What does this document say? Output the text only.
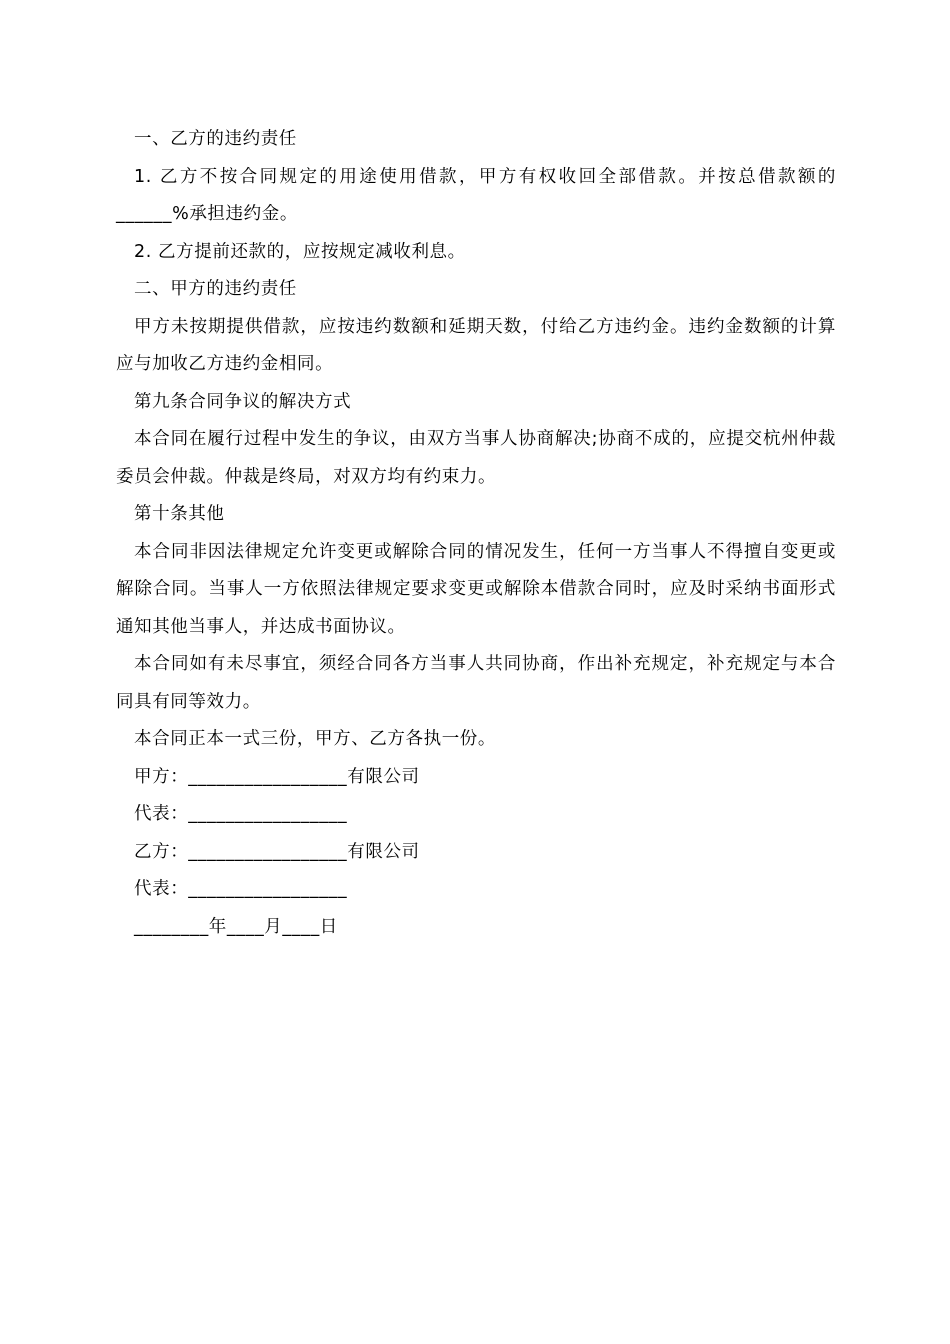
一、乙方的违约责任

1. 乙方不按合同规定的用途使用借款，甲方有权收回全部借款。并按总借款额的______%承担违约金。

2. 乙方提前还款的，应按规定减收利息。

二、甲方的违约责任

甲方未按期提供借款，应按违约数额和延期天数，付给乙方违约金。违约金数额的计算应与加收乙方违约金相同。

第九条合同争议的解决方式

本合同在履行过程中发生的争议，由双方当事人协商解决;协商不成的，应提交杭州仲裁委员会仲裁。仲裁是终局，对双方均有约束力。

第十条其他

本合同非因法律规定允许变更或解除合同的情况发生，任何一方当事人不得擅自变更或解除合同。当事人一方依照法律规定要求变更或解除本借款合同时，应及时采纳书面形式通知其他当事人，并达成书面协议。

本合同如有未尽事宜，须经合同各方当事人共同协商，作出补充规定，补充规定与本合同具有同等效力。

本合同正本一式三份，甲方、乙方各执一份。

甲方：_________________有限公司

代表：_________________

乙方：_________________有限公司

代表：_________________

________年____月____日
